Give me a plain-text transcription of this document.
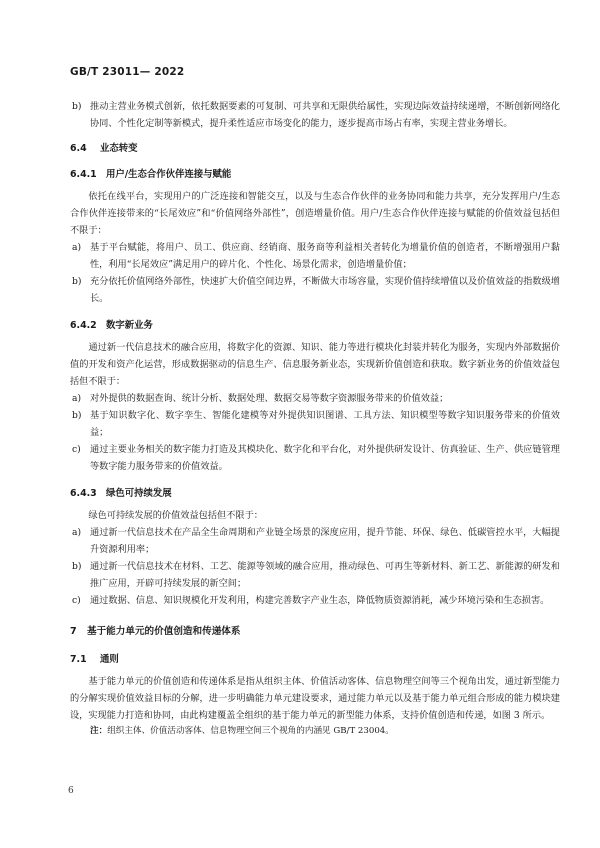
GB/T 23011— 2022

b) 推动主营业务模式创新，依托数据要素的可复制、可共享和无限供给属性，实现边际效益持续递增，不断创新网络化协同、个性化定制等新模式，提升柔性适应市场变化的能力，逐步提高市场占有率，实现主营业务增长。

6.4 业态转变

6.4.1 用户/生态合作伙伴连接与赋能

依托在线平台，实现用户的广泛连接和智能交互，以及与生态合作伙伴的业务协同和能力共享，充分发挥用户/生态合作伙伴连接带来的“长尾效应”和“价值网络外部性”，创造增量价值。用户/生态合作伙伴连接与赋能的价值效益包括但不限于：

a) 基于平台赋能，将用户、员工、供应商、经销商、服务商等利益相关者转化为增量价值的创造者，不断增强用户黏性，利用“长尾效应”满足用户的碎片化、个性化、场景化需求，创造增量价值；

b) 充分依托价值网络外部性，快速扩大价值空间边界，不断做大市场容量，实现价值持续增值以及价值效益的指数级增长。

6.4.2 数字新业务

通过新一代信息技术的融合应用，将数字化的资源、知识、能力等进行模块化封装并转化为服务，实现内外部数据价值的开发和资产化运营，形成数据驱动的信息生产、信息服务新业态，实现新价值创造和获取。数字新业务的价值效益包括但不限于：

a) 对外提供的数据查询、统计分析、数据处理、数据交易等数字资源服务带来的价值效益；

b) 基于知识数字化、数字孪生、智能化建模等对外提供知识图谱、工具方法、知识模型等数字知识服务带来的价值效益；

c) 通过主要业务相关的数字能力打造及其模块化、数字化和平台化，对外提供研发设计、仿真验证、生产、供应链管理等数字能力服务带来的价值效益。

6.4.3 绿色可持续发展

绿色可持续发展的价值效益包括但不限于：

a) 通过新一代信息技术在产品全生命周期和产业链全场景的深度应用，提升节能、环保、绿色、低碳管控水平，大幅提升资源利用率；

b) 通过新一代信息技术在材料、工艺、能源等领域的融合应用，推动绿色、可再生等新材料、新工艺、新能源的研发和推广应用，开辟可持续发展的新空间；

c) 通过数据、信息、知识规模化开发利用，构建完善数字产业生态，降低物质资源消耗，减少环境污染和生态损害。

7 基于能力单元的价值创造和传递体系

7.1 通则

基于能力单元的价值创造和传递体系是指从组织主体、价值活动客体、信息物理空间等三个视角出发，通过新型能力的分解实现价值效益目标的分解，进一步明确能力单元建设要求，通过能力单元以及基于能力单元组合形成的能力模块建设，实现能力打造和协同，由此构建覆盖全组织的基于能力单元的新型能力体系，支持价值创造和传递，如图 3 所示。

注：组织主体、价值活动客体、信息物理空间三个视角的内涵见 GB/T 23004。

6
